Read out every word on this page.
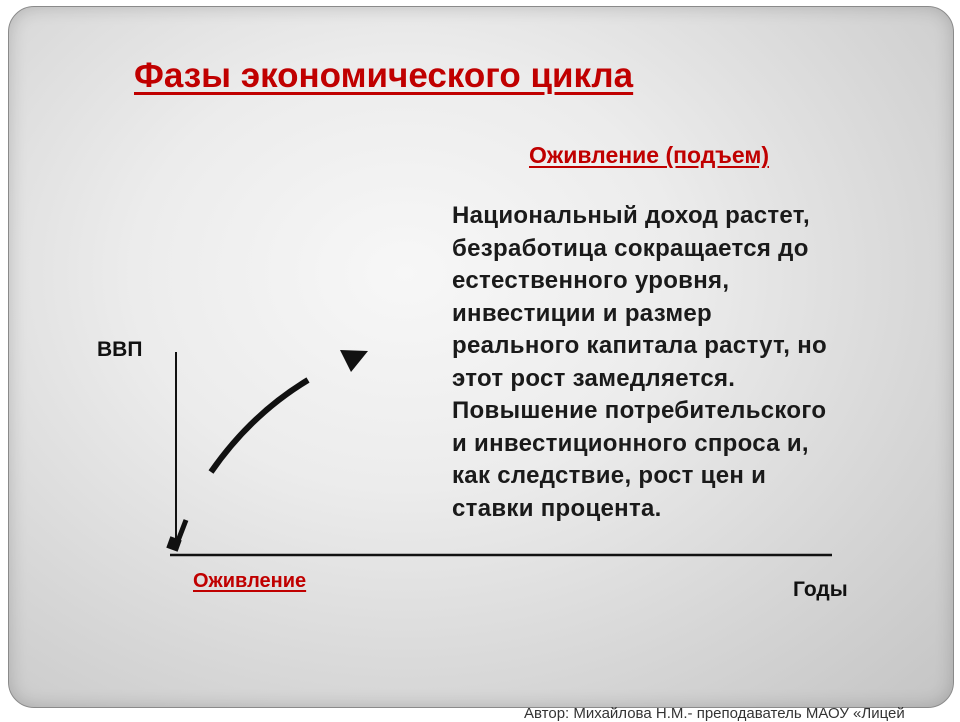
Фазы экономического цикла
Оживление (подъем)

Национальный доход растет,
безработица сокращается до
естественного уровня,
инвестиции и размер
реального капитала растут, но
этот рост замедляется.
Повышение потребительского
и инвестиционного спроса и,
как следствие, рост цен и
ставки процента.

ВВП
Годы
Оживление
Автор: Михайлова Н.М.- преподаватель МАОУ «Лицей
